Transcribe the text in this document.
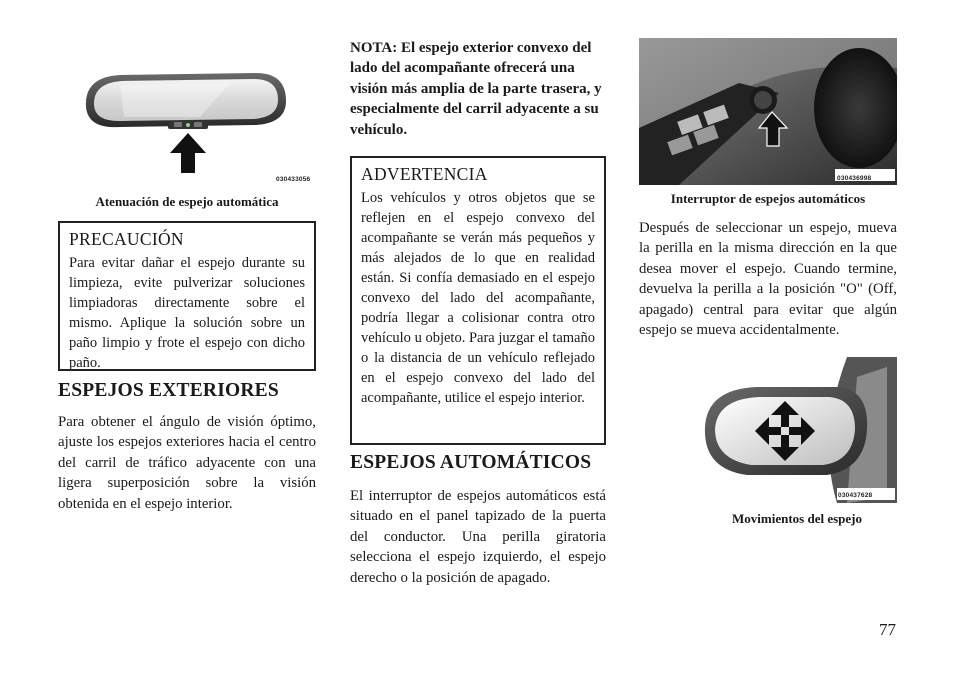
030433056
Atenuación de espejo automática
PRECAUCIÓN

Para evitar dañar el espejo durante su limpieza, evite pulverizar soluciones limpiadoras directamente sobre el mismo. Aplique la solución sobre un paño limpio y frote el espejo con dicho paño.

ESPEJOS EXTERIORES

Para obtener el ángulo de visión óptimo, ajuste los espejos exteriores hacia el centro del carril de tráfico adyacente con una ligera superposición sobre la visión obtenida en el espejo interior.

NOTA: El espejo exterior convexo del lado del acompañante ofrecerá una visión más amplia de la parte trasera, y especialmente del carril adyacente a su vehículo.

ADVERTENCIA

Los vehículos y otros objetos que se reflejen en el espejo convexo del acompañante se verán más pequeños y más alejados de lo que en realidad están. Si confía demasiado en el espejo convexo del lado del acompañante, podría llegar a colisionar contra otro vehículo u objeto. Para juzgar el tamaño o la distancia de un vehículo reflejado en el espejo convexo del lado del acompañante, utilice el espejo interior.

ESPEJOS AUTOMÁTICOS

El interruptor de espejos automáticos está situado en el panel tapizado de la puerta del conductor. Una perilla giratoria selecciona el espejo izquierdo, el espejo derecho o la posición de apagado.

030436998
Interruptor de espejos automáticos

Después de seleccionar un espejo, mueva la perilla en la misma dirección en la que desea mover el espejo. Cuando termine, devuelva la perilla a la posición "O" (Off, apagado) central para evitar que algún espejo se mueva accidentalmente.

030437628
Movimientos del espejo
77
